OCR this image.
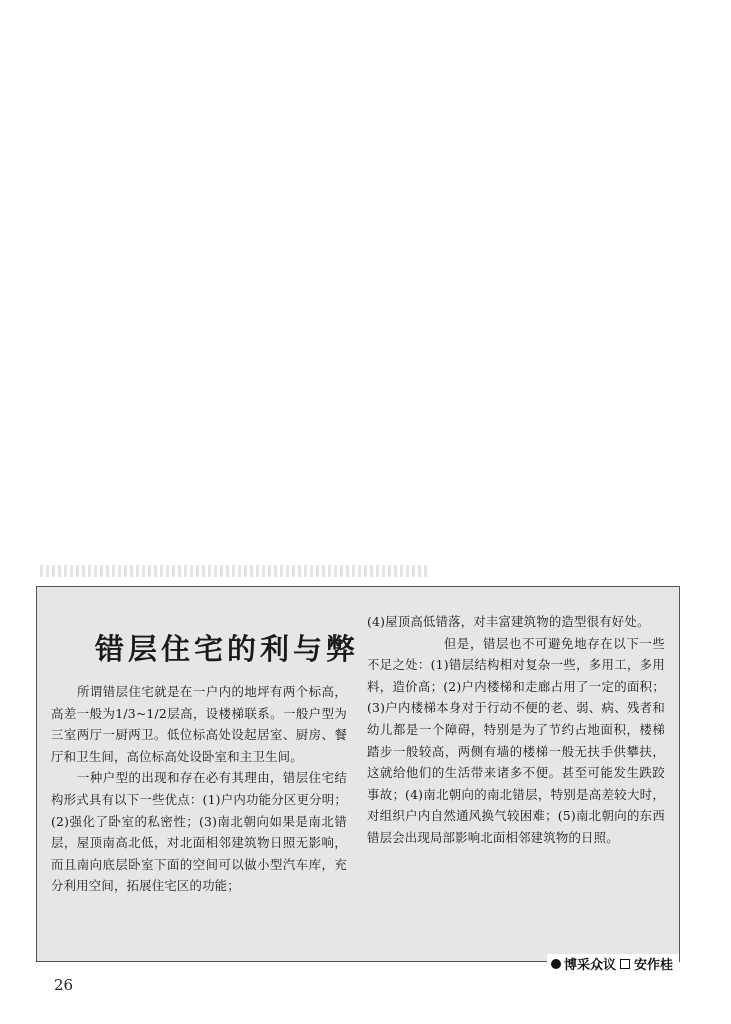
错层住宅的利与弊

所谓错层住宅就是在一户内的地坪有两个标高，高差一般为1/3~1/2层高，设楼梯联系。一般户型为三室两厅一厨两卫。低位标高处设起居室、厨房、餐厅和卫生间，高位标高处设卧室和主卫生间。

一种户型的出现和存在必有其理由，错层住宅结构形式具有以下一些优点：(1)户内功能分区更分明；(2)强化了卧室的私密性；(3)南北朝向如果是南北错层，屋顶南高北低，对北面相邻建筑物日照无影响，而且南向底层卧室下面的空间可以做小型汽车库，充分利用空间，拓展住宅区的功能；

(4)屋顶高低错落，对丰富建筑物的造型很有好处。

但是，错层也不可避免地存在以下一些不足之处：(1)错层结构相对复杂一些，多用工，多用料，造价高；(2)户内楼梯和走廊占用了一定的面积；(3)户内楼梯本身对于行动不便的老、弱、病、残者和幼儿都是一个障碍，特别是为了节约占地面积，楼梯踏步一般较高，两侧有墙的楼梯一般无扶手供攀扶，这就给他们的生活带来诸多不便。甚至可能发生跌跤事故；(4)南北朝向的南北错层，特别是高差较大时，对组织户内自然通风换气较困难；(5)南北朝向的东西错层会出现局部影响北面相邻建筑物的日照。

博采众议 安作桂
26
